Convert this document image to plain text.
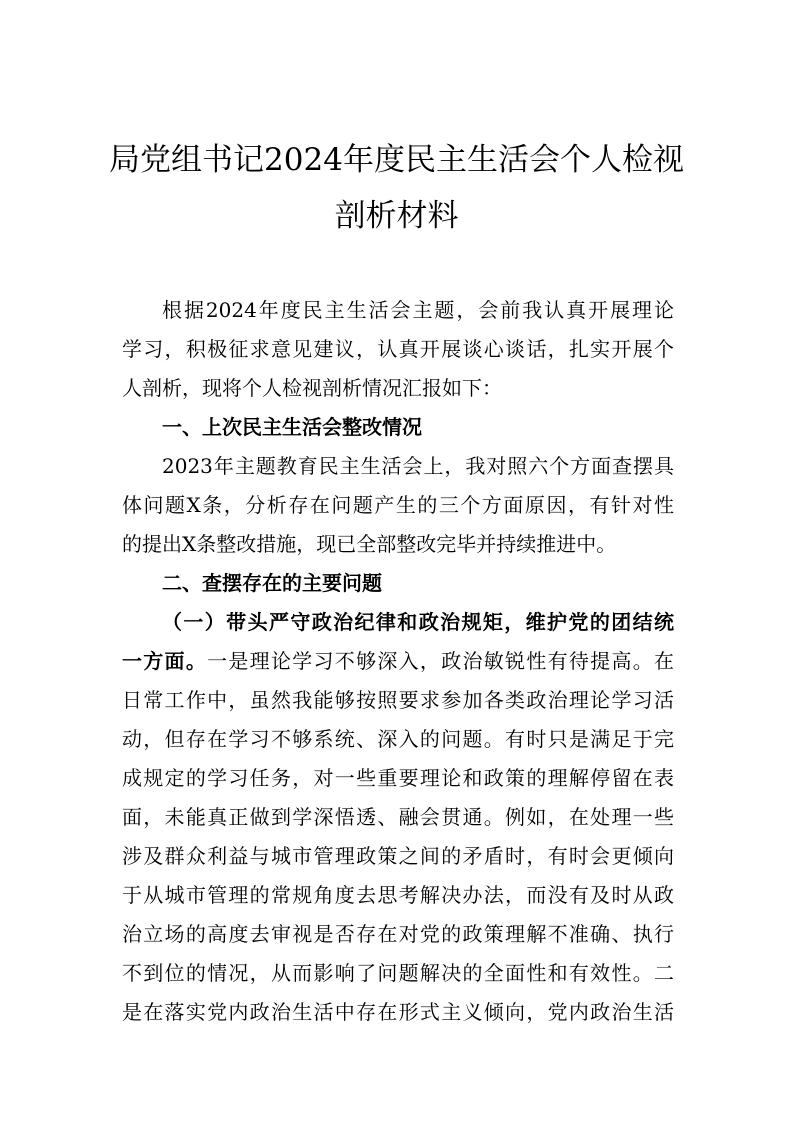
局党组书记2024年度民主生活会个人检视
剖析材料
根据2024年度民主生活会主题，会前我认真开展理论
学习，积极征求意见建议，认真开展谈心谈话，扎实开展个
人剖析，现将个人检视剖析情况汇报如下：
一、上次民主生活会整改情况
2023年主题教育民主生活会上，我对照六个方面查摆具
体问题X条，分析存在问题产生的三个方面原因，有针对性
的提出X条整改措施，现已全部整改完毕并持续推进中。
二、查摆存在的主要问题
（一）带头严守政治纪律和政治规矩，维护党的团结统
一方面。一是理论学习不够深入，政治敏锐性有待提高。在
日常工作中，虽然我能够按照要求参加各类政治理论学习活
动，但存在学习不够系统、深入的问题。有时只是满足于完
成规定的学习任务，对一些重要理论和政策的理解停留在表
面，未能真正做到学深悟透、融会贯通。例如，在处理一些
涉及群众利益与城市管理政策之间的矛盾时，有时会更倾向
于从城市管理的常规角度去思考解决办法，而没有及时从政
治立场的高度去审视是否存在对党的政策理解不准确、执行
不到位的情况，从而影响了问题解决的全面性和有效性。二
是在落实党内政治生活中存在形式主义倾向，党内政治生活
